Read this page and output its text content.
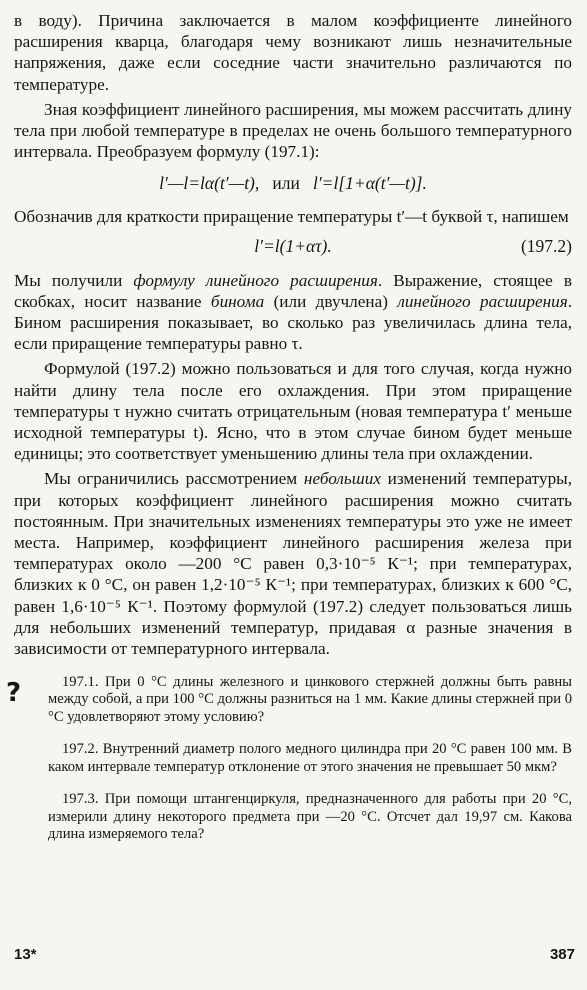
в воду). Причина заключается в малом коэффициенте линейного расширения кварца, благодаря чему возникают лишь незначительные напряжения, даже если соседние части значительно различаются по температуре.

Зная коэффициент линейного расширения, мы можем рассчитать длину тела при любой температуре в пределах не очень большого температурного интервала. Преобразуем формулу (197.1):

l′—l=lα(t′—t), или l′=l[1+α(t′—t)].

Обозначив для краткости приращение температуры t′—t буквой τ, напишем

l′=l(1+ατ).	(197.2)

Мы получили формулу линейного расширения. Выражение, стоящее в скобках, носит название бинома (или двучлена) линейного расширения. Бином расширения показывает, во сколько раз увеличилась длина тела, если приращение температуры равно τ.

Формулой (197.2) можно пользоваться и для того случая, когда нужно найти длину тела после его охлаждения. При этом приращение температуры τ нужно считать отрицательным (новая температура t′ меньше исходной температуры t). Ясно, что в этом случае бином будет меньше единицы; это соответствует уменьшению длины тела при охлаждении.

Мы ограничились рассмотрением небольших изменений температуры, при которых коэффициент линейного расширения можно считать постоянным. При значительных изменениях температуры это уже не имеет места. Например, коэффициент линейного расширения железа при температурах около —200 °С равен 0,3·10⁻⁵ К⁻¹; при температурах, близких к 0 °С, он равен 1,2·10⁻⁵ К⁻¹; при температурах, близких к 600 °С, равен 1,6·10⁻⁵ К⁻¹. Поэтому формулой (197.2) следует пользоваться лишь для небольших изменений температур, придавая α разные значения в зависимости от температурного интервала.

?	197.1. При 0 °С длины железного и цинкового стержней должны быть равны между собой, а при 100 °С должны разниться на 1 мм. Какие длины стержней при 0 °С удовлетворяют этому условию?

197.2. Внутренний диаметр полого медного цилиндра при 20 °С равен 100 мм. В каком интервале температур отклонение от этого значения не превышает 50 мкм?

197.3. При помощи штангенциркуля, предназначенного для работы при 20 °С, измерили длину некоторого предмета при —20 °С. Отсчет дал 19,97 см. Какова длина измеряемого тела?

13*	387
